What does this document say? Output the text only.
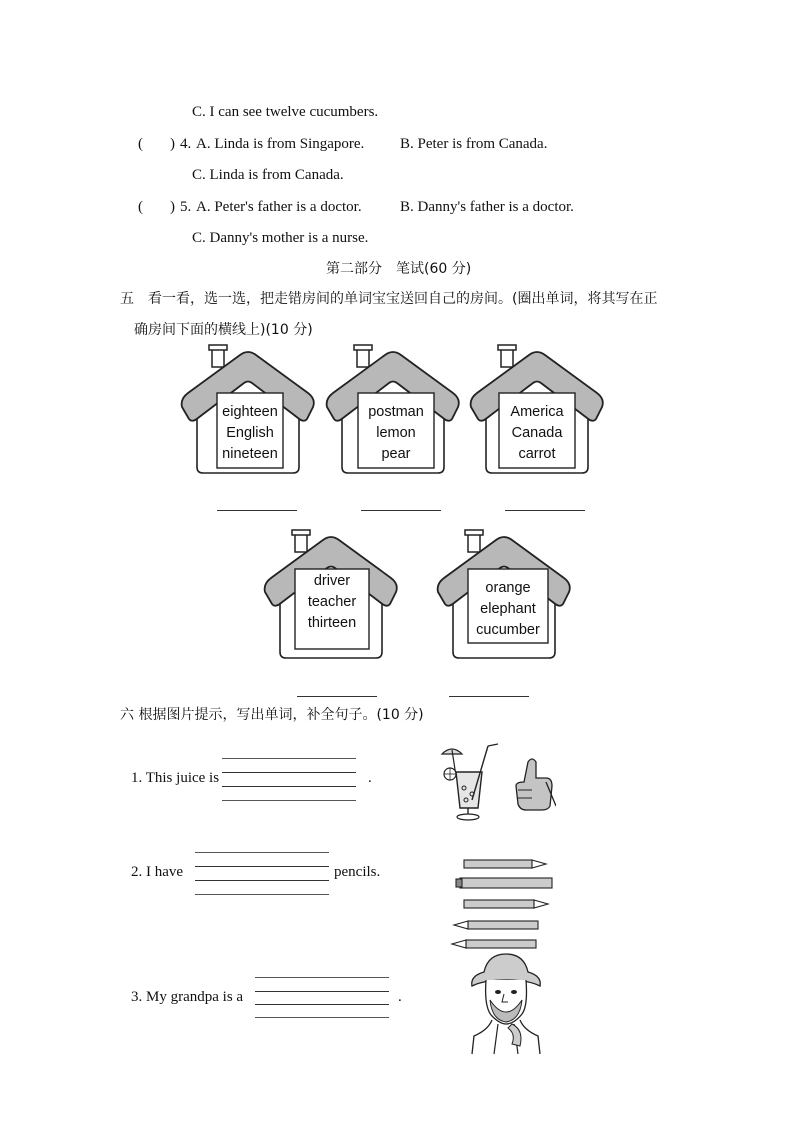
C. I can see twelve cucumbers.
( ) 4. A. Linda is from Singapore. B. Peter is from Canada.
C. Linda is from Canada.
( ) 5. A. Peter's father is a doctor.	B. Danny's father is a doctor.
C. Danny's mother is a nurse.
第二部分　笔试(60 分)
五　看一看，选一选，把走错房间的单词宝宝送回自己的房间。(圈出单词，将其写在正
确房间下面的横线上)(10 分)
eighteen
English
nineteen
postman
lemon
pear
America
Canada
carrot
driver
teacher
thirteen
orange
elephant
cucumber
六 根据图片提示，写出单词，补全句子。(10 分)
1. This juice is	.
2. I have	pencils.
3. My grandpa is a	.
